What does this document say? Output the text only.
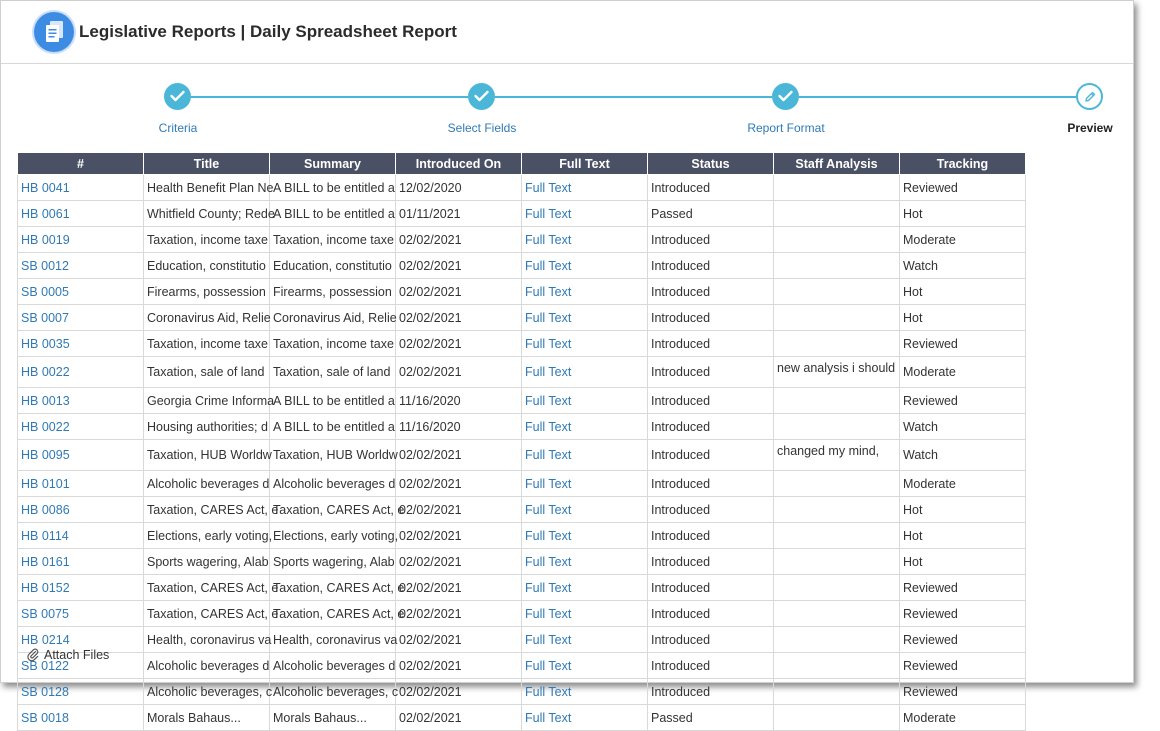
Legislative Reports | Daily Spreadsheet Report
Criteria	Select Fields	Report Format	Preview
#	Title	Summary	Introduced On	Full Text	Status	Staff Analysis	Tracking
HB 0041	Health Benefit Plan Ne	A BILL to be entitled a	12/02/2020	Full Text	Introduced		Reviewed
HB 0061	Whitfield County; Rede	A BILL to be entitled a	01/11/2021	Full Text	Passed		Hot
HB 0019	Taxation, income taxe	Taxation, income taxe	02/02/2021	Full Text	Introduced		Moderate
SB 0012	Education, constitutio	Education, constitutio	02/02/2021	Full Text	Introduced		Watch
SB 0005	Firearms, possession	Firearms, possession	02/02/2021	Full Text	Introduced		Hot
SB 0007	Coronavirus Aid, Relie	Coronavirus Aid, Relie	02/02/2021	Full Text	Introduced		Hot
HB 0035	Taxation, income taxe	Taxation, income taxe	02/02/2021	Full Text	Introduced		Reviewed
HB 0022	Taxation, sale of land	Taxation, sale of land	02/02/2021	Full Text	Introduced	new analysis i should	Moderate
HB 0013	Georgia Crime Informa	A BILL to be entitled a	11/16/2020	Full Text	Introduced		Reviewed
HB 0022	Housing authorities; d	A BILL to be entitled a	11/16/2020	Full Text	Introduced		Watch
HB 0095	Taxation, HUB Worldw	Taxation, HUB Worldw	02/02/2021	Full Text	Introduced	changed my mind,	Watch
HB 0101	Alcoholic beverages d	Alcoholic beverages d	02/02/2021	Full Text	Introduced		Moderate
HB 0086	Taxation, CARES Act, e	Taxation, CARES Act, e	02/02/2021	Full Text	Introduced		Hot
HB 0114	Elections, early voting,	Elections, early voting,	02/02/2021	Full Text	Introduced		Hot
HB 0161	Sports wagering, Alab	Sports wagering, Alab	02/02/2021	Full Text	Introduced		Hot
HB 0152	Taxation, CARES Act, e	Taxation, CARES Act, e	02/02/2021	Full Text	Introduced		Reviewed
SB 0075	Taxation, CARES Act, e	Taxation, CARES Act, e	02/02/2021	Full Text	Introduced		Reviewed
HB 0214	Health, coronavirus va	Health, coronavirus va	02/02/2021	Full Text	Introduced		Reviewed
SB 0122	Alcoholic beverages d	Alcoholic beverages d	02/02/2021	Full Text	Introduced		Reviewed
SB 0128	Alcoholic beverages, c	Alcoholic beverages, c	02/02/2021	Full Text	Introduced		Reviewed
SB 0018	Morals Bahaus...	Morals Bahaus...	02/02/2021	Full Text	Passed		Moderate
Attach Files
